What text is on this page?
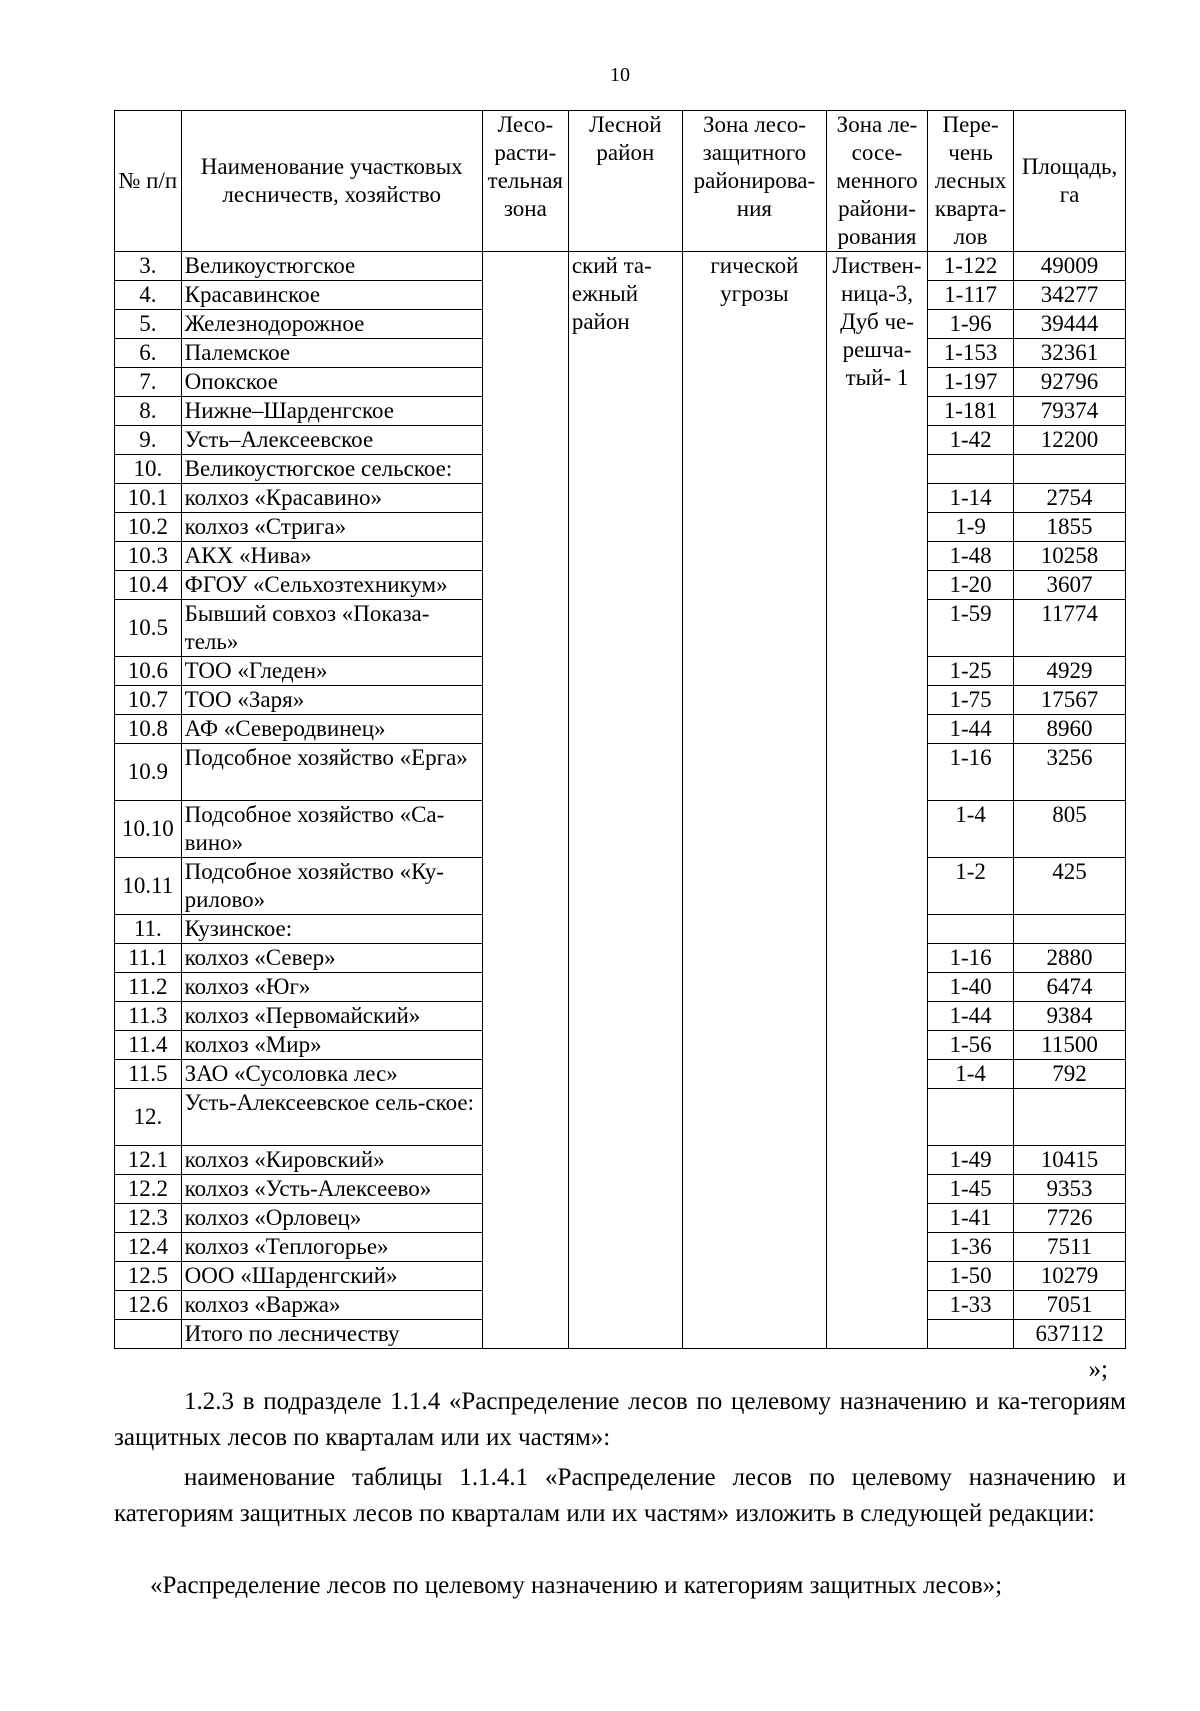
10
№ п/п	Наименование участковых лесничеств, хозяйство	Лесо-расти-тельная зона	Лесной район	Зона лесо-защитного районирова-ния	Зона ле-сосе-менного райони-рования	Пере-чень лесных кварта-лов	Площадь, га
3.	Великоустюгское		ский та-ежный район	гической угрозы	Листвен-ница-3, Дуб че-решча-тый- 1	1-122	49009
4.	Красавинское					1-117	34277
5.	Железнодорожное					1-96	39444
6.	Палемское					1-153	32361
7.	Опокское					1-197	92796
8.	Нижне–Шарденгское					1-181	79374
9.	Усть–Алексеевское					1-42	12200
10.	Великоустюгское сельское:						
10.1	колхоз «Красавино»					1-14	2754
10.2	колхоз «Стрига»					1-9	1855
10.3	АКХ «Нива»					1-48	10258
10.4	ФГОУ «Сельхозтехникум»					1-20	3607
10.5	Бывший совхоз «Показа-тель»					1-59	11774
10.6	ТОО «Гледен»					1-25	4929
10.7	ТОО «Заря»					1-75	17567
10.8	АФ «Северодвинец»					1-44	8960
10.9	Подсобное хозяйство «Ерга»					1-16	3256
10.10	Подсобное хозяйство «Са-вино»					1-4	805
10.11	Подсобное хозяйство «Ку-рилово»					1-2	425
11.	Кузинское:						
11.1	колхоз «Север»					1-16	2880
11.2	колхоз «Юг»					1-40	6474
11.3	колхоз «Первомайский»					1-44	9384
11.4	колхоз «Мир»					1-56	11500
11.5	ЗАО «Сусоловка лес»					1-4	792
12.	Усть-Алексеевское сель-ское:						
12.1	колхоз «Кировский»					1-49	10415
12.2	колхоз «Усть-Алексеево»					1-45	9353
12.3	колхоз «Орловец»					1-41	7726
12.4	колхоз «Теплогорье»					1-36	7511
12.5	ООО «Шарденгский»					1-50	10279
12.6	колхоз «Варжа»					1-33	7051
	Итого по лесничеству						637112
»;
1.2.3 в подразделе 1.1.4 «Распределение лесов по целевому назначению и ка-тегориям защитных лесов по кварталам или их частям»:
наименование таблицы 1.1.4.1 «Распределение лесов по целевому назначению и категориям защитных лесов по кварталам или их частям» изложить в следующей редакции:
«Распределение лесов по целевому назначению и категориям защитных лесов»;
